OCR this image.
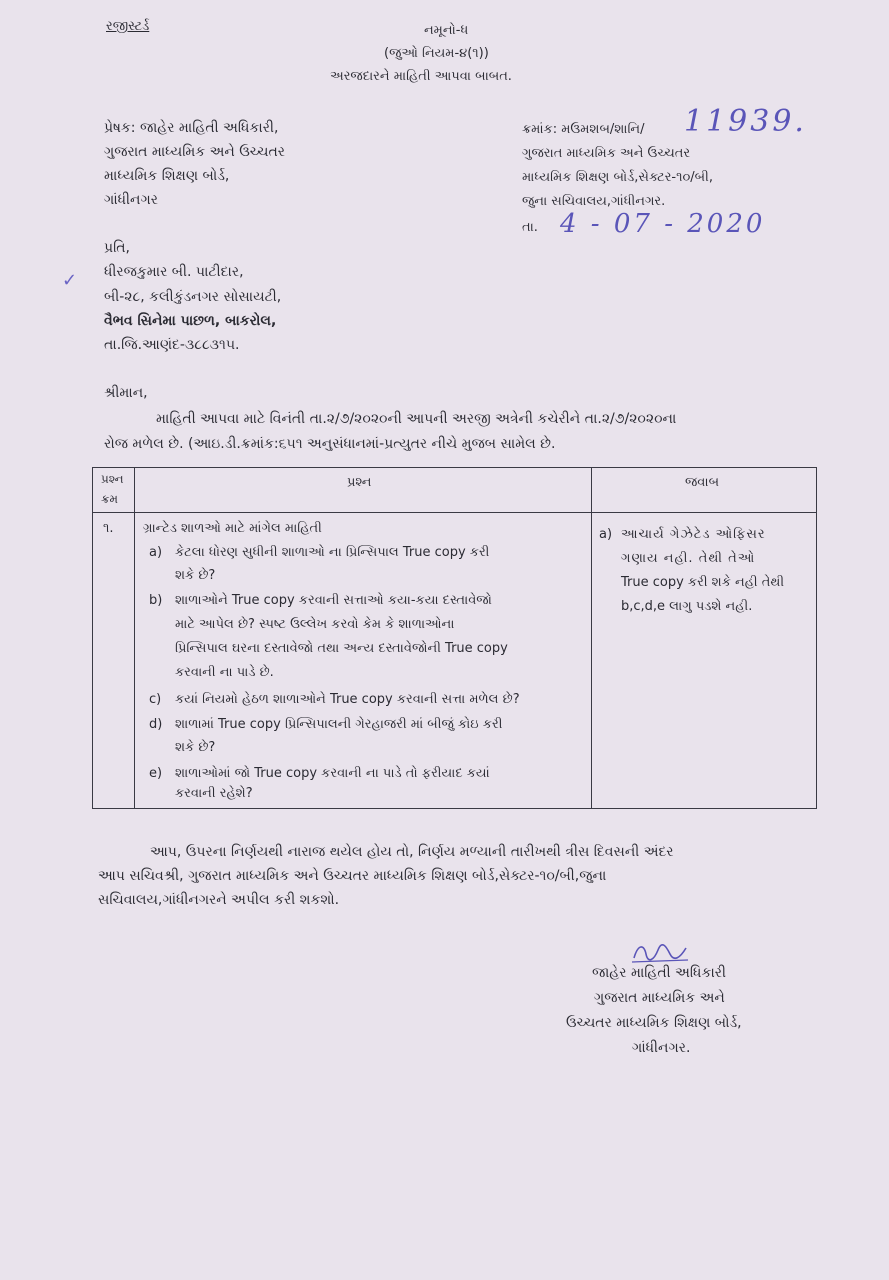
રજીસ્ટર્ડ	નમૂનો-ધ
(જુઓ નિયમ-૪(૧))
અરજદારને માહિતી આપવા બાબત.
પ્રેષક: જાહેર માહિતી અધિકારી,
ગુજરાત માધ્યમિક અને ઉચ્ચતર
માધ્યમિક શિક્ષણ બોર્ડ,
ગાંધીનગર
ક્રમાંક: મઉમશબ/શાનિ/ 11939.
ગુજરાત માધ્યમિક અને ઉચ્ચતર
માધ્યમિક શિક્ષણ બોર્ડ,સેક્ટર-૧૦/બી,
જુના સચિવાલય,ગાંધીનગર.
તા. 4 - 07 - 2020
પ્રતિ,
✓ ધીરજકુમાર બી. પાટીદાર,
બી-૨૮, કલીકુંડનગર સોસાયટી,
વૈભવ સિનેમા પાછળ, બાકરોલ,
તા.જિ.આણંદ-૩૮૮૩૧૫.
શ્રીમાન,
માહિતી આપવા માટે વિનંતી તા.૨/૭/૨૦૨૦ની આપની અરજી અત્રેની કચેરીને તા.૨/૭/૨૦૨૦ના
રોજ મળેલ છે. (આઇ.ડી.ક્રમાંક:૬૫૧ અનુસંધાનમાં-પ્રત્યુતર નીચે મુજબ સામેલ છે.
પ્રશ્ન
ક્રમ
પ્રશ્ન	જવાબ
૧. ગ્રાન્ટેડ શાળઓ માટે માંગેલ માહિતી
a) કેટલા ધોરણ સુધીની શાળાઓ ના પ્રિન્સિપાલ True copy કરી
શકે છે?
b) શાળાઓને True copy કરવાની સત્તાઓ કયા-કયા દસ્તાવેજો
માટે આપેલ છે? સ્પષ્ટ ઉલ્લેખ કરવો કેમ કે શાળાઓના
પ્રિન્સિપાલ ઘરના દસ્તાવેજો તથા અન્ય દસ્તાવેજોની True copy
કરવાની ના પાડે છે.
c) કયાં નિયમો હેઠળ શાળાઓને True copy કરવાની સત્તા મળેલ છે?
d) શાળામાં True copy પ્રિન્સિપાલની ગેરહાજરી માં બીજું કોઇ કરી
શકે છે?
e) શાળાઓમાં જો True copy કરવાની ના પાડે તો ફરીયાદ કયાં
કરવાની રહેશે?
a) આચાર્ય ગેઝેટેડ ઓફિસર
ગણાય નહી. તેથી તેઓ
True copy કરી શકે નહી તેથી
b,c,d,e લાગુ પડશે નહી.
આપ, ઉપરના નિર્ણયથી નારાજ થયેલ હોય તો, નિર્ણય મળ્યાની તારીખથી ત્રીસ દિવસની અંદર
આપ સચિવશ્રી, ગુજરાત માધ્યમિક અને ઉચ્ચતર માધ્યમિક શિક્ષણ બોર્ડ,સેક્ટર-૧૦/બી,જુના
સચિવાલય,ગાંધીનગરને અપીલ કરી શકશો.
જાહેર માહિતી અધિકારી
ગુજરાત માધ્યમિક અને
ઉચ્ચતર માધ્યમિક શિક્ષણ બોર્ડ,
ગાંધીનગર.
